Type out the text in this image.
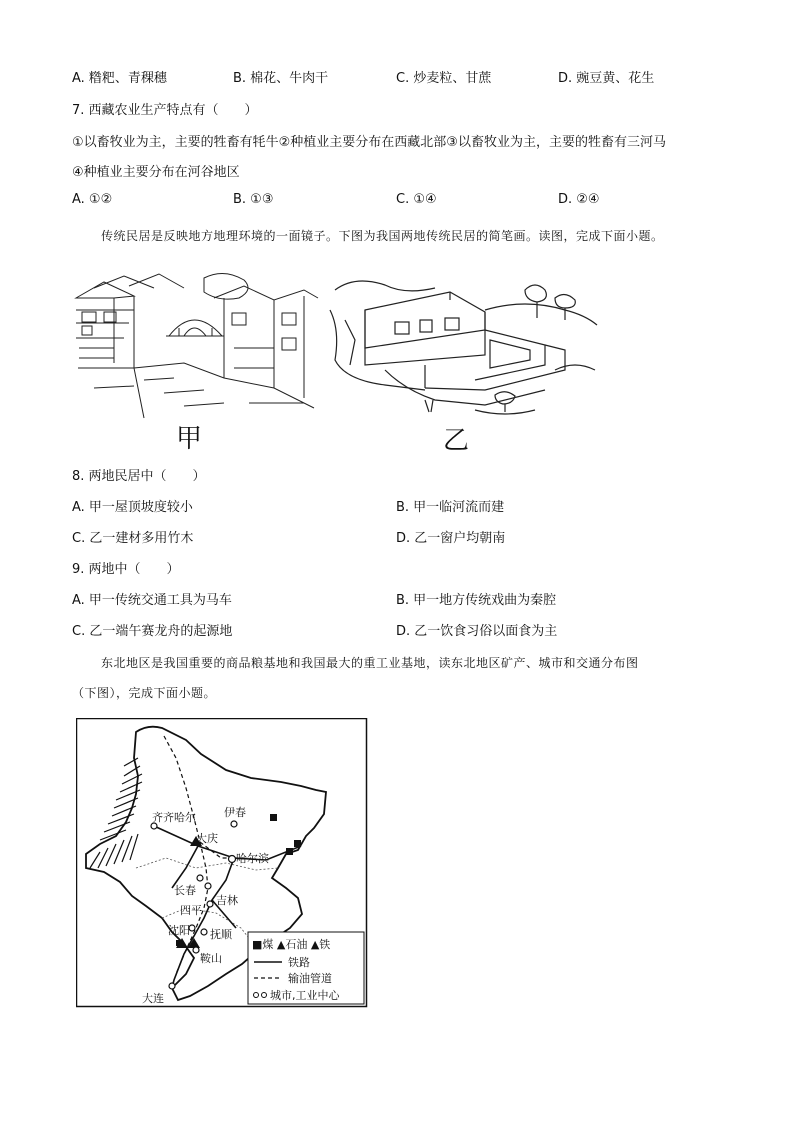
A. 糌粑、青稞穗	B. 棉花、牛肉干	C. 炒麦粒、甘蔗	D. 豌豆黄、花生
7. 西藏农业生产特点有（　　）
①以畜牧业为主，主要的牲畜有牦牛②种植业主要分布在西藏北部③以畜牧业为主，主要的牲畜有三河马
④种植业主要分布在河谷地区
A. ①②	B. ①③	C. ①④	D. ②④
传统民居是反映地方地理环境的一面镜子。下图为我国两地传统民居的简笔画。读图，完成下面小题。
甲	乙
8. 两地民居中（　　）
A. 甲一屋顶坡度较小	B. 甲一临河流而建
C. 乙一建材多用竹木	D. 乙一窗户均朝南
9. 两地中（　　）
A. 甲一传统交通工具为马车	B. 甲一地方传统戏曲为秦腔
C. 乙一端午赛龙舟的起源地	D. 乙一饮食习俗以面食为主
东北地区是我国重要的商品粮基地和我国最大的重工业基地，读东北地区矿产、城市和交通分布图
（下图），完成下面小题。
齐齐哈尔
大庆
伊春
哈尔滨
长春
吉林
四平
沈阳 抚顺
鞍山
大连
■煤 ▲石油 ▲铁
铁路
输油管道
城市,工业中心
